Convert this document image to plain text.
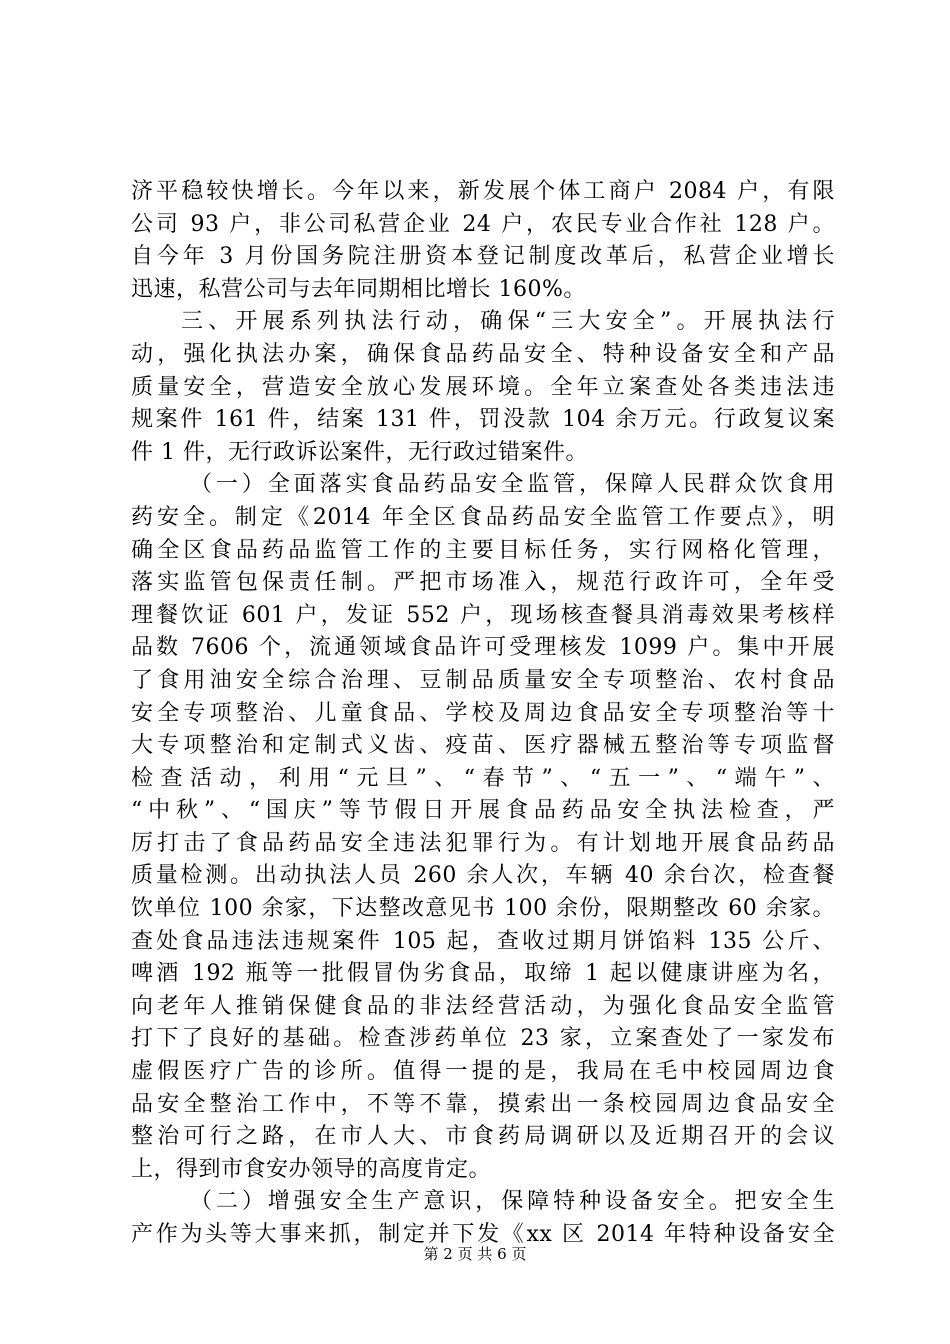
济平稳较快增长。今年以来，新发展个体工商户 2084 户，有限
公司 93 户，非公司私营企业 24 户，农民专业合作社 128 户。
自今年 3 月份国务院注册资本登记制度改革后，私营企业增长
迅速，私营公司与去年同期相比增长 160%。
三、开展系列执法行动，确保“三大安全”。开展执法行
动，强化执法办案，确保食品药品安全、特种设备安全和产品
质量安全，营造安全放心发展环境。全年立案查处各类违法违
规案件 161 件，结案 131 件，罚没款 104 余万元。行政复议案
件 1 件，无行政诉讼案件，无行政过错案件。
（一）全面落实食品药品安全监管，保障人民群众饮食用
药安全。制定《2014 年全区食品药品安全监管工作要点》，明
确全区食品药品监管工作的主要目标任务，实行网格化管理，
落实监管包保责任制。严把市场准入，规范行政许可，全年受
理餐饮证 601 户，发证 552 户，现场核查餐具消毒效果考核样
品数 7606 个，流通领域食品许可受理核发 1099 户。集中开展
了食用油安全综合治理、豆制品质量安全专项整治、农村食品
安全专项整治、儿童食品、学校及周边食品安全专项整治等十
大专项整治和定制式义齿、疫苗、医疗器械五整治等专项监督
检查活动，利用“元旦”、“春节”、“五一”、“端午”、
“中秋”、“国庆”等节假日开展食品药品安全执法检查，严
厉打击了食品药品安全违法犯罪行为。有计划地开展食品药品
质量检测。出动执法人员 260 余人次，车辆 40 余台次，检查餐
饮单位 100 余家，下达整改意见书 100 余份，限期整改 60 余家。
查处食品违法违规案件 105 起，查收过期月饼馅料 135 公斤、
啤酒 192 瓶等一批假冒伪劣食品，取缔 1 起以健康讲座为名，
向老年人推销保健食品的非法经营活动，为强化食品安全监管
打下了良好的基础。检查涉药单位 23 家，立案查处了一家发布
虚假医疗广告的诊所。值得一提的是，我局在毛中校园周边食
品安全整治工作中，不等不靠，摸索出一条校园周边食品安全
整治可行之路，在市人大、市食药局调研以及近期召开的会议
上，得到市食安办领导的高度肯定。
（二）增强安全生产意识，保障特种设备安全。把安全生
产作为头等大事来抓，制定并下发《xx 区 2014 年特种设备安全
第 2 页 共 6 页
